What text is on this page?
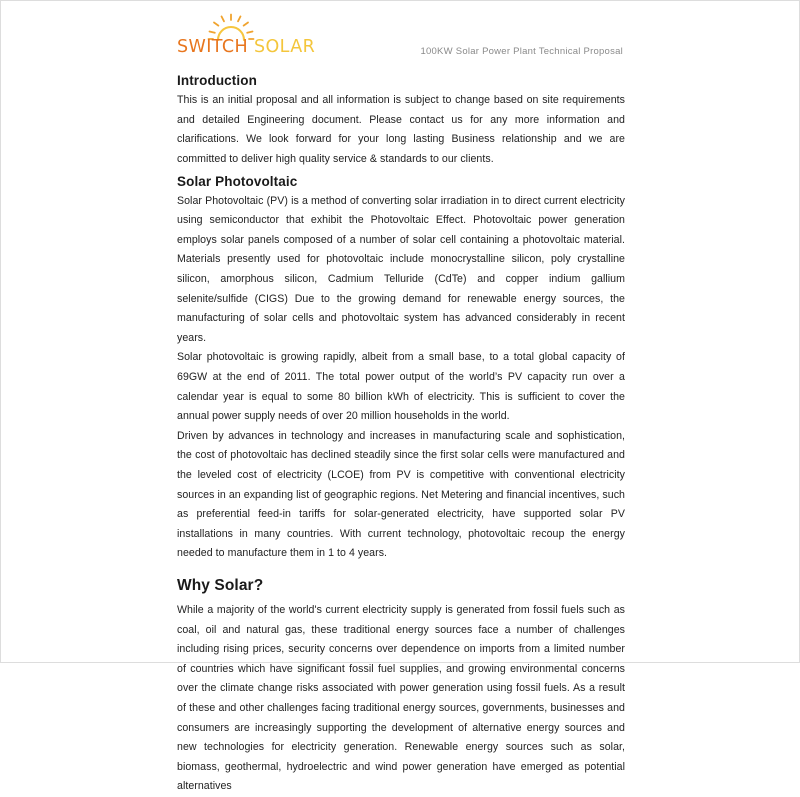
SWITCH SOLAR	100KW Solar Power Plant Technical Proposal
Introduction

This is an initial proposal and all information is subject to change based on site requirements and detailed Engineering document. Please contact us for any more information and clarifications. We look forward for your long lasting Business relationship and we are committed to deliver high quality service & standards to our clients.

Solar Photovoltaic

Solar Photovoltaic (PV) is a method of converting solar irradiation in to direct current electricity using semiconductor that exhibit the Photovoltaic Effect. Photovoltaic power generation employs solar panels composed of a number of solar cell containing a photovoltaic material. Materials presently used for photovoltaic include monocrystalline silicon, poly crystalline silicon, amorphous silicon, Cadmium Telluride (CdTe) and copper indium gallium selenite/sulfide (CIGS) Due to the growing demand for renewable energy sources, the manufacturing of solar cells and photovoltaic system has advanced considerably in recent years.

Solar photovoltaic is growing rapidly, albeit from a small base, to a total global capacity of 69GW at the end of 2011. The total power output of the world’s PV capacity run over a calendar year is equal to some 80 billion kWh of electricity. This is sufficient to cover the annual power supply needs of over 20 million households in the world.

Driven by advances in technology and increases in manufacturing scale and sophistication, the cost of photovoltaic has declined steadily since the first solar cells were manufactured and the leveled cost of electricity (LCOE) from PV is competitive with conventional electricity sources in an expanding list of geographic regions. Net Metering and financial incentives, such as preferential feed-in tariffs for solar-generated electricity, have supported solar PV installations in many countries. With current technology, photovoltaic recoup the energy needed to manufacture them in 1 to 4 years.

Why Solar?

While a majority of the world's current electricity supply is generated from fossil fuels such as coal, oil and natural gas, these traditional energy sources face a number of challenges including rising prices, security concerns over dependence on imports from a limited number of countries which have significant fossil fuel supplies, and growing environmental concerns over the climate change risks associated with power generation using fossil fuels. As a result of these and other challenges facing traditional energy sources, governments, businesses and consumers are increasingly supporting the development of alternative energy sources and new technologies for electricity generation. Renewable energy sources such as solar, biomass, geothermal, hydroelectric and wind power generation have emerged as potential alternatives
